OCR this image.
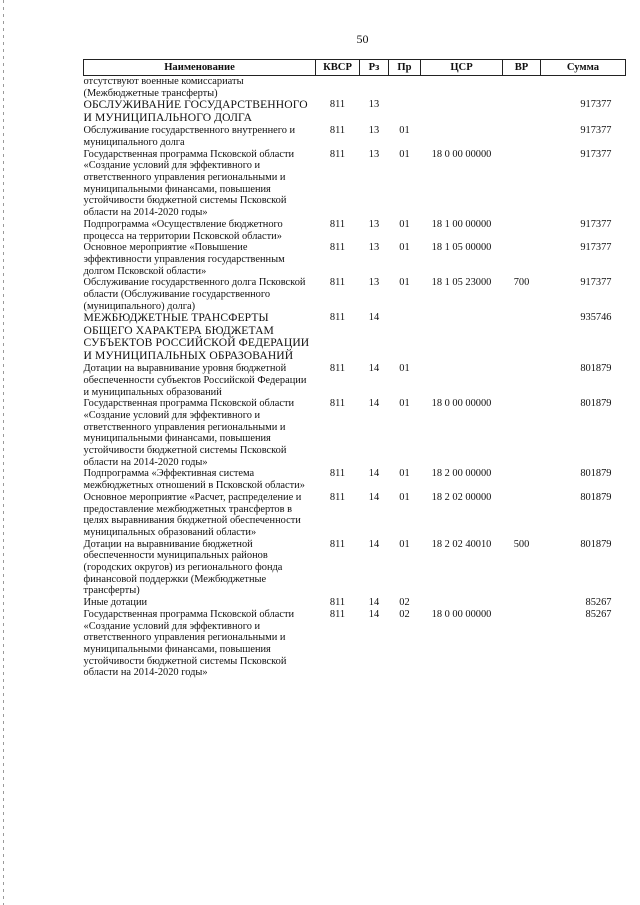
50
Наименование	КВСР	Рз	Пр	ЦСР	ВР	Сумма
отсутствуют военные комиссариаты (Межбюджетные трансферты)						
ОБСЛУЖИВАНИЕ ГОСУДАРСТВЕННОГО И МУНИЦИПАЛЬНОГО ДОЛГА	811	13				917377
Обслуживание государственного внутреннего и муниципального долга	811	13	01			917377
Государственная программа Псковской области «Создание условий для эффективного и ответственного управления региональными и муниципальными финансами, повышения устойчивости бюджетной системы Псковской области на 2014-2020 годы»	811	13	01	18 0 00 00000		917377
Подпрограмма «Осуществление бюджетного процесса на территории Псковской области»	811	13	01	18 1 00 00000		917377
Основное мероприятие «Повышение эффективности управления государственным долгом Псковской области»	811	13	01	18 1 05 00000		917377
Обслуживание государственного долга Псковской области (Обслуживание государственного (муниципального) долга)	811	13	01	18 1 05 23000	700	917377
МЕЖБЮДЖЕТНЫЕ ТРАНСФЕРТЫ ОБЩЕГО ХАРАКТЕРА БЮДЖЕТАМ СУБЪЕКТОВ РОССИЙСКОЙ ФЕДЕРАЦИИ И МУНИЦИПАЛЬНЫХ ОБРАЗОВАНИЙ	811	14				935746
Дотации на выравнивание уровня бюджетной обеспеченности субъектов Российской Федерации и муниципальных образований	811	14	01			801879
Государственная программа Псковской области «Создание условий для эффективного и ответственного управления региональными и муниципальными финансами, повышения устойчивости бюджетной системы Псковской области на 2014-2020 годы»	811	14	01	18 0 00 00000		801879
Подпрограмма «Эффективная система межбюджетных отношений в Псковской области»	811	14	01	18 2 00 00000		801879
Основное мероприятие «Расчет, распределение и предоставление межбюджетных трансфертов в целях выравнивания бюджетной обеспеченности муниципальных образований области»	811	14	01	18 2 02 00000		801879
Дотации на выравнивание бюджетной обеспеченности муниципальных районов (городских округов) из регионального фонда финансовой поддержки (Межбюджетные трансферты)	811	14	01	18 2 02 40010	500	801879
Иные дотации	811	14	02			85267
Государственная программа Псковской области «Создание условий для эффективного и ответственного управления региональными и муниципальными финансами, повышения устойчивости бюджетной системы Псковской области на 2014-2020 годы»	811	14	02	18 0 00 00000		85267
